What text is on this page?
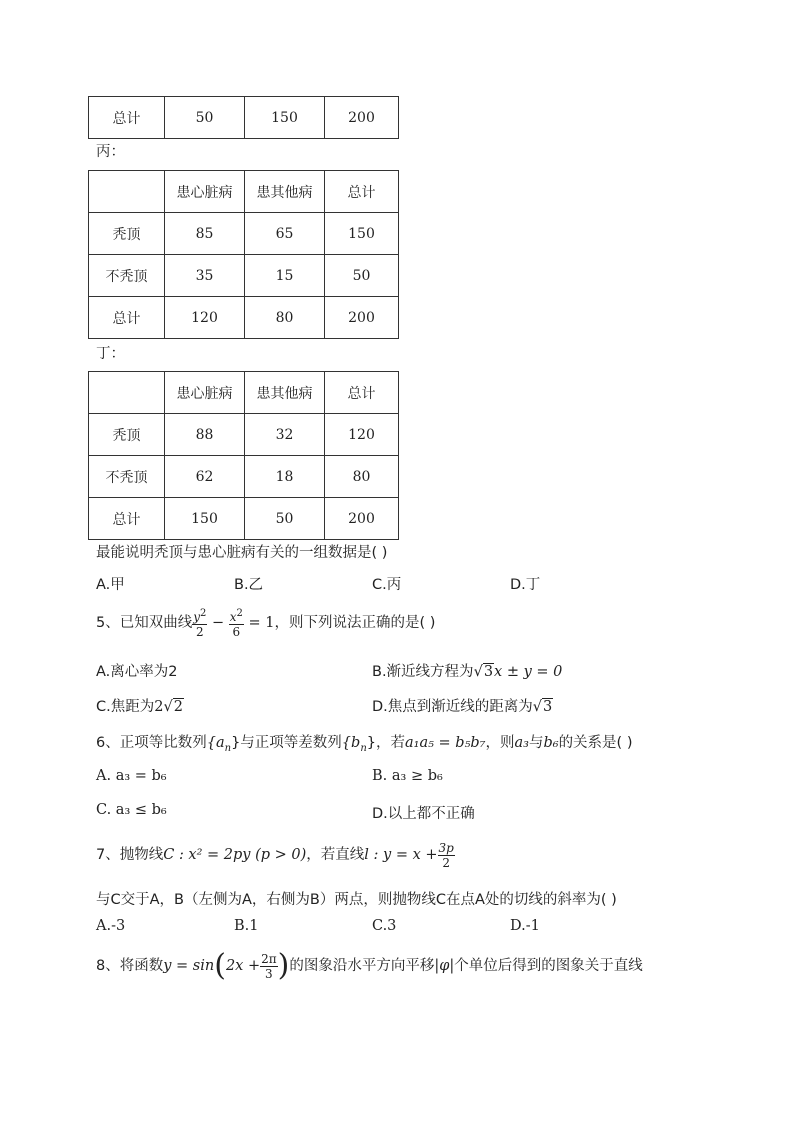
总计	50	150	200
丙：
	患心脏病	患其他病	总计
秃顶	85	65	150
不秃顶	35	15	50
总计	120	80	200
丁：
	患心脏病	患其他病	总计
秃顶	88	32	120
不秃顶	62	18	80
总计	150	50	200
最能说明秃顶与患心脏病有关的一组数据是( )
A.甲	B.乙	C.丙	D.丁
5、已知双曲线 $\frac{y^2}{2} - \frac{x^2}{6} = 1$，则下列说法正确的是( )
A.离心率为2	B.渐近线方程为√3x ± y = 0
C.焦距为2√2	D.焦点到渐近线的距离为√3
6、正项等比数列$\{a_n\}$与正项等差数列$\{b_n\}$，若a₁a₅ = b₅b₇，则a₃与b₆的关系是( )
A. a₃ = b₆	B. a₃ ≥ b₆
C. a₃ ≤ b₆	D.以上都不正确
7、抛物线C : x² = 2py (p > 0)，若直线l : $y = x + \frac{3p}{2}$
与C交于A，B（左侧为A，右侧为B）两点，则抛物线C在点A处的切线的斜率为( )
A.-3	B.1	C.3	D.-1
8、将函数$y = \sin(2x + \frac{2\pi}{3}$ )的图象沿水平方向平移|φ|个单位后得到的图象关于直线
